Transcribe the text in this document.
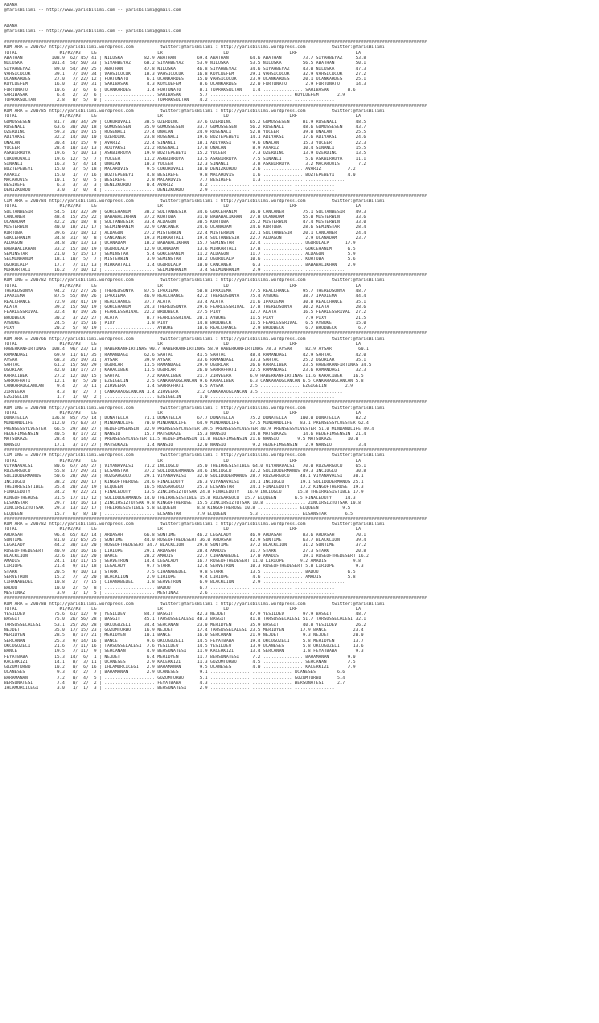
ADANA
@YarisBilimi -- http://www.yarisbilimi.com -- yarisbilimi@gmail.com
ADANA
@YarisBilimi -- http://www.yarisbilimi.com -- yarisbilimi@gmail.com
################################################################################################################################################################
KUM ARA = 200767 http://yarisbilimi.wordpress.com          twitter:@YarisBilimi : http://yarisbilimi.wordpress.com          twitter:@YarisBilimi
TOTAL                #1/#2/#3    LG                       LR                       LD                       LRF                      LA
ABATHAN           108.9  62/ 45/ 41 | NILUSKA        82.9 ABATHAN        69.4 ABATHAN        64.6 ABATHAN        73.7 SIYAHBEYAZ     53.8
NILUSKA           101.4  54/ 50/ 33 | SIYAHBEYAZ     68.2 SIYAHBEYAZ     53.9 NILUSKA        53.5 NILUSKA        56.5 ABATHAN        50.1
SIYAHBEYAZ         89.0  54/ 39/ 25 | ABATHAN        47.8 NILUSKA        46.8 SIYAHBEYAZ     34.6 SIYAHBEYAZ     43.0 NILUSKA        47.3
VAHSICOCUK         39.1   7/ 19/ 34 | VAHSICOCUK     18.3 VAHSICOCUK     16.8 KOYLUEFEM      29.1 VAHSICOCUK     32.9 VAHSICOCUK     27.2
UCANKARDES         27.0   7/ 22/ 12 | FURTUNATO       6.1 UCANKARDES     15.0 VAHSICOCUK     23.9 UCANKARDES     20.1 UCANKARDES     25.1
KOYLUEFEM          16.0   1/ 19/ 31 | SARIBASAK       4.3 KOYLUEFEM       8.6 UCANKARDES     22.0 FURTUNATO       2.9 FURTUNATO      14.3
FURTUNATO          10.6   3/  6/  6 | UCANKARDES      1.4 FURTUNATO       8.1 TOPRAKSULTAN    1.4 ............... SARIBASAK       8.6
SARIBASAK           6.4   2/  2/  6 | ................... SARIBASAK       5.7 ............... ............... KOYLUEFEM       2.9
TOPRAKSULTAN        2.8   0/  5/  0 | ................... TOPRAKSULTAN    4.2 ............... ............... ...............
################################################################################################################################################################
KUM ARA = 200785 http://yarisbilimi.wordpress.com          twitter:@YarisBilimi : http://yarisbilimi.wordpress.com          twitter:@YarisBilimi
TOTAL                #1/#2/#3    LG                       LR                       LD                       LRF                      LA
GUMUSSESEN         81.7  38/ 34/ 29 | CUKUROVALI     38.5 OZERDINC       37.6 OZERDINC       65.2 GUMUSSESEN     81.9 RUSENALI       48.5
RUSENALI           63.6  30/ 20/ 18 | GUMUSSESEN     35.9 GUMUSSESEN     33.7 GUMUSSESEN     56.2 RUSENALI       48.6 GUMUSSESEN     43.7
OZERDINC           59.3  26/ 19/ 15 | RUSENALI       27.4 UNALAN         24.9 RUSENALI       52.8 YUCEER         39.0 UNALAN         25.5
ADIYAKSI           32.2  14/ 10/ 10 | OZERDINC       23.8 RUSENALI       19.6 BOZTEPEBEYI    14.1 ADIYAKSI       17.6 ADIYAKSI       24.6
UNALAN             30.4  14/ 15/  9 | AVARIZ         22.4 SINANLI        18.1 ADIYAKSI        9.6 UNALAN         15.3 YUCEER         22.3
YUCEER             28.4  10/ 13/ 13 | ADIYAKSI       21.2 RUSENALI       17.8 UNALAN          8.9 AVARIZ         10.4 SINANLI        15.5
ASKBIRRUYA         19.6   5/ 10/ 13 | ASKBIRRUYA     19.9 BOZTEPEBEYI    15.2 YUCEER          7.3 OZERDINC       13.9 OZERDINC       13.5
CUKUROVALI         19.6  12/  5/  7 | YUCEER         11.2 ASKBIRRUYA     13.5 ASKBIRRUYA      7.5 SINANLI         5.6 ASKBIRRUYA     11.1
SINANLI            16.3   5/  4/ 14 | UNALAN         10.3 YUCEER         12.3 SINANLI         3.8 ASKBIRRUYA      3.2 MACAROVIS       7.2
BOZTEPEBEYI        15.0   3/  5/ 18 | MACAROVIS       9.5 CUKUROVALI     10.0 DENIZKURDU      2.6 ............... AVARIZ          7.2
AVARIZ             15.0   1/  7/ 16 | BOZTEPEBEYI     4.8 BESIREFE        9.8 MACAROVIS       1.6 ............... BOZTEPEBEYI     4.0
MACAROVIS          10.1   5/  0/  5 | BESIREFE        2.8 MACAROVIS       7.7 BESIREFE        1.3 ............... ...............
BESIREFE            6.3   3/  3/  3 | DENIZKURDU      0.4 AVARIZ          4.2 ............... ............... ...............
DENIZKURDU          3.0   1/  0/  4 | ................... DENIZKURDU      2.9 ............... ............... ...............
################################################################################################################################################################
CIM ARA = 200784 http://yarisbilimi.wordpress.com          twitter:@YarisBilimi : http://yarisbilimi.wordpress.com          twitter:@YarisBilimi
TOTAL                #1/#2/#3    LG                       LR                       LD                       LRF                      LA
SULTANBESIR        54.5  14/ 32/ 39 | GOKCEHANIM     38.2 SULTANBESIR    34.6 GOKCEHANIM     36.0 CANCANER       75.1 SULTANBESIR    49.3
CANCANER           48.4  15/ 25/ 22 | BABABALIKHAN   37.2 KURTOBA        31.0 BABABALIKHAN   27.8 UCANADAM       55.0 MISTERWIN      33.6
UCANADAM           42.2  26/ 18/  8 | SULTANBESIR    33.4 ALDAGON        30.5 KURTOBA        25.2 MISTERWIN      47.4 MISTERWIN      33.0
MISTERWIN          40.0  18/ 21/ 17 | SELMINHANIM    32.9 CANCANER       24.6 UCANADAM       24.6 KURTOBA        28.6 SEMINSTAR      28.4
KURTOBA            39.6  23/ 18/ 12 | ALDAGON        27.2 MISTERWIN      22.4 MISTERWIN      22.1 SULTANBESIR    20.1 CANCANER       24.4
GOKCEHANIM         34.8  31/  8/  8 | CANCANER       19.3 MIRKARTALI     19.4 SULTANBESIR    22.7 ALDAGON         2.9 UCANADAM       23.7
ALDAGON            34.8  20/ 13/ 13 | UCANADAM       18.2 BABABALIKHAN   15.7 SEMINSTAR      22.4 ............... UGURULALP      17.9
BABABALIKHAN       33.2  15/ 18/ 19 | UGURULALP      12.9 UCANADAM       13.6 MIRKARTALI     17.8 ............... GOKCEHANIM      6.5
SEMINSTAR          21.0   5/ 15/ 17 | SEMINSTAR       5.4 GOKCEHANIM     11.2 ALDAGON        11.7 ............... ALDAGON         5.9
SELMINHANIM        18.1  10/  5/  7 | MISTERWIN       3.9 SEMINSTAR      10.2 UGURULALP      10.6 ............... KURTOBA         5.6
UGURULALP          17.7   7/ 11/ 13 | MIRKARTALI      1.4 UGURULALP      10.0 CANCANER        6.3 ............... BABABALIKHAN    2.9
MIRKARTALI         16.2   7/ 10/ 12 | ................... SELMINHANIM     3.4 SELMINHANIM     2.9 ............... ...............
################################################################################################################################################################
KUM ING = 200782 http://yarisbilimi.wordpress.com          twitter:@YarisBilimi : http://yarisbilimi.wordpress.com          twitter:@YarisBilimi
TOTAL                #1/#2/#3    LG                       LR                       LD                       LRF                      LA
THEREDSONYA        94.2  72/ 27/ 26 | THEREDSONYA    87.5 IPAXIEMA       50.8 IPAXIEMA       77.5 REALCHANCE     95.7 THEREDSONYA    48.7
IPAXIEMA           87.5  55/ 49/ 26 | IPAXIEMA       46.9 REALCHANCE     42.2 THEREDSONYA    75.4 AYBUKE         38.7 IPAXIEMA       44.4
REALCHANCE         72.9  34/ 41/ 19 | REALCHANCE     37.7 ALATA          33.4 ALATA          21.6 IPAXIEMA       30.8 REALCHANCE     35.1
ALATA              39.2  15/ 50/ 19 | GOKCEHANIM     24.3 THEREDSONYA    29.6 FEARLESSRIVAL  17.8 THEREDSONYA    30.2 ALATA          28.6
FEARLESSRIVAL      32.4   8/ 19/ 26 | FEARLESSRIVAL  22.2 BRODBECK       27.5 PIXY           12.7 ALATA          16.5 FEARLESSRIVAL  27.2
BRODBECK           30.2   3/ 22/ 27 | ALATA           8.7 FEARLESSRIVAL  20.1 AYBUKE         11.5 PIXY            7.9 PIXY           21.5
AYBUKE             24.5   3/ 15/ 16 | PIXY            1.8 PIXY           14.8 BRODBECK       11.5 FEARLESSRIVAL   6.5 AYBUKE         15.0
PIXY               20.2   5/  8/ 19 | ................... AYBUKE         10.6 REALCHANCE      2.9 BRODBECK        6.7 BRODBECK        6.7
################################################################################################################################################################
KUM ARA = 200766 http://yarisbilimi.wordpress.com          twitter:@YarisBilimi : http://yarisbilimi.wordpress.com          twitter:@YarisBilimi
TOTAL                #1/#2/#3    LG                       LR                       LD                       LRF                      LA
HABERKANFIRTINAS  108.4  96/ 23/ 13 | HABERKANFIRTINAS 90.7 HABERKANFIRTINAS 58.9 HABERKANFIRTINAS 78.3 AYSAR     82.9 AYSAR          60.1
RAMANDAGI          69.9  11/ 61/ 35 | RAMANDAGI      62.6 SAHTAC         41.5 SAHTAC         48.4 RAMANDAGI      42.9 SAHTAC         42.0
AYSAR              68.3  35/ 19/ 31 | AYSAR          39.9 AYSAR          33.6 RAMANDAGI      33.3 SAHTAC         25.2 UGURLAR        35.1
SAHTAC             61.2  15/ 50/ 29 | UGURLAR        11.5 RAMANDAGI      29.9 UGURLAR        26.6 KARACIBEK      23.5 HABERKANFIRTINAS 34.5
UGURLAR            42.0  18/ 17/ 27 | KARACIBEK      11.5 UGURLAR        26.0 SARRAFHATI     22.5 RAMANDAGI      23.6 RAMANDAGI      32.3
KARACIBEK          27.2  12/ 10/ 15 | SAHTAC          7.2 KARACIBEK      21.7 ZIRVEERA       6.9 HABERKANFIRTINAS 11.6 KARACIBEK    16.5
SARRAFHATI         12.1   0/  5/ 20 | EZGIGELIN       2.5 CANKARAOGLANCAN 9.6 KARACIBEK      6.3 CANKARAOGLANCAN 6.5 CANKARAOGLANCAN 5.8
CANKARAOGLANCAN     9.4   2/  3/ 11 | ZIRVEERA        1.4 SARRAFHATI      6.5 AYSAR          2.5 ............... EZGIGELIN       2.9
ZIRVEERA            4.3   0/  2/  7 | CANKARAOGLANCAN 1.4 ZIRVEERA       2.2 CANKARAOGLANCAN 3.5 ............... ...............
EZGIGELIN           1.7   1/  0/  2 | ................... EZGIGELIN       1.0 ............... ............... ...............
################################################################################################################################################################
KUM ING = 200780 http://yarisbilimi.wordpress.com          twitter:@YarisBilimi : http://yarisbilimi.wordpress.com          twitter:@YarisBilimi
TOTAL                #1/#2/#3    LG                       LR                       LD                       LRF                      LA
DONATELLA         136.8  85/ 75/ 14 | DONATELLA      71.1 DONATELLA      67.7 DONATELLA      75.2 DONATELLA     100.0 DONATELLA      82.2
MINDANDLIFE       112.0  75/ 63/ 37 | MINDANDLIFE    70.0 MINDANDLIFE    64.9 MINDANDLIFE    57.5 MINDANDLIFE   83.1 PRENSESSYLVESTER 62.4
PRENSESSYLVESTER   66.5  29/ 38/ 27 | HEDEFIMSENSIN  32.9 PRENSESSYLVESTER 39.5 PRENSESSYLVESTER 40.9 PRENSESSYLVESTER 51.0 MINDANDLIFE 49.4
HEDEFIMSENSIN      40.5   8/ 17/ 22 | NANSIO         15.7 MATSUKAZE      15.3 NANSIO         24.8 MATSUKAZE      14.6 HEDEFIMSENSIN  21.4
MATSUKAZE          28.4   4/ 14/ 32 | PRENSESSYLVESTER 11.5 HEDEFIMSENSIN 11.8 HEDEFIMSENSIN 21.6 NANSIO       9.5 MATSUKAZE      10.0
NANSIO             17.1   3/ 17/ 27 | MATSUKAZE       1.4 NANSIO         12.0 NANSIO          9.2 HEDEFIMSENSIN   2.9 NANSIO          3.4
################################################################################################################################################################
CIM ING = 200779 http://yarisbilimi.wordpress.com          twitter:@YarisBilimi : http://yarisbilimi.wordpress.com          twitter:@YarisBilimi
TOTAL                #1/#2/#3    LG                       LR                       LD                       LRF                      LA
VIYANAVALSI        80.6  67/ 24/ 27 | VIYANAVALSI    71.2 INCIOGLU       35.0 THEIRRESISTIBLE 64.0 VIYANAVALSI   70.0 RUZGARGUCU     65.1
RUZGARGUCU         55.8  17/ 29/ 31 | ELSANSTAR      37.2 SOLIDODERMANOS 34.6 INCIOGLU       32.2 SOLIDODERMANOS 49.3 INCIOGLU       30.8
SOLIDODERMANOS     50.6  28/ 20/ 23 | RUZGARGUCU     29.1 VIYANAVALSI    32.0 SOLIDODERMANOS 28.7 RUZGARGUCU    48.1 VIYANAVALSI    30.1
INCIOGLU           38.2  24/ 20/ 17 | KINGOFTHEROSE  24.6 FINALEDUTY     26.3 VIYANAVALSI    24.1 INCIOGLU      19.1 SOLIDODERMANOS 25.1
THEIRRESISTIBLE    35.4  20/ 23/ 19 | ELQUEEN        16.5 RUZGARGUCU     25.3 ELSANSTAR      24.1 FINALEDUTY    17.2 KINGOFTHEROSE  19.3
FINALEDUTY         34.2   9/ 22/ 21 | FINALEDUTY     13.5 ZINCIRSIZTUTSAK 24.8 FINALEDUTY   16.9 INCIOGLU      15.8 THEIRRESISTIBLE 17.9
KINGOFTHEROSE      31.5  17/ 11/ 12 | SOLIDODERMANOS 14.0 THEIRRESISTIBLE 15.8 RUZGARGUCU  15.7 ELQUEEN       6.5 FINALEDUTY     14.3
ELSANSTAR          29.7  14/ 16/ 13 | ZINCIRSIZTUTSAK 9.8 KINGOFTHEROSE  15.5 ZINCIRSIZTUTSAK 10.8 ............... ZINCIRSIZTUTSAK 10.8
ZINCIRSIZTUTSAK    29.3  13/ 12/ 17 | THEIRRESISTIBLE 5.8 ELQUEEN        8.8 KINGOFTHEROSE 10.8 ............... ELQUEEN         9.5
ELQUEEN            15.7   6/  8/ 10 | ................... ELSANSTAR      7.9 ELQUEEN         5.3 ............... ELSANSTAR       6.5
################################################################################################################################################################
KUM ARA = 200782 http://yarisbilimi.wordpress.com          twitter:@YarisBilimi : http://yarisbilimi.wordpress.com          twitter:@YarisBilimi
TOTAL                #1/#2/#3    LG                       LR                       LD                       LRF                      LA
ARDASAH            96.4  65/ 42/ 14 | ARDASAH        66.8 SUNTIME        46.2 LEGALADY       46.9 ARDASAH        83.6 ARDASAH        70.1
SUNTIME            81.0  21/ 65/ 25 | SUNTIME        44.0 ROSEOFTHEDESERT 36.0 ARDASAH       42.9 SUNTIME        63.7 BLACKLION      39.4
LEGALADY           44.2  30/ 13/ 20 | ROSEOFTHEDESERT 34.7 BLACKLION     29.8 SUNTIME        37.2 BLACKLION      31.2 SUNTIME        37.2
ROSEOFTHEDESERT    40.9  24/ 16/ 16 | LIRIOPE        29.1 ARDASAH        28.4 AMADIS         31.7 STARK          27.3 STARK          20.8
BLACKLION          32.6  16/ 12/ 20 | BARCE          28.2 AMADIS         22.7 CIHANABEDEL    17.0 AMADIS         19.1 ROSEOFTHEDESERT 16.2
AMADIS             24.1  14/ 11/ 15 | SERVETRON      14.4 LEGALADY       16.7 ROSEOFTHEDESERT 11.0 LIRIOPE      9.2 AMADIS          9.8
LIRIOPE            21.4   9/ 11/ 18 | LEGALADY        9.7 STARK          12.4 SERVETRON      10.3 ROSEOFTHEDESERT 5.8 LIRIOPE        9.3
STARK              20.5   9/ 10/ 13 | STARK           7.5 CIHANABEDEL     9.8 STARK          13.5 ............... BADUU           6.5
SERVETRON          15.2   7/  2/ 20 | BLACKLION       2.9 LIRIOPE         9.4 LIRIOPE         4.6 ............... AMADIS          5.8
CIHANABEDEL        10.8   2/  7/ 15 | CIHANABEDEL     1.8 SERVETRON       6.9 BLACKLION       2.9 ............... ...............
BADUU              10.0   2/  5/  8 | ................... BADUU           6.7 ............... ............... ...............
MESTINAZ            3.9   1/  1/  5 | ................... MESTINAZ        2.6 ............... ............... ...............
################################################################################################################################################################
KUM ARA = 200780 http://yarisbilimi.wordpress.com          twitter:@YarisBilimi : http://yarisbilimi.wordpress.com          twitter:@YarisBilimi
TOTAL                #1/#2/#3    LG                       LR                       LD                       LRF                      LA
YESILDEV           75.6  61/ 12/  9 | YESILDEV       84.7 BASGIT         42.3 NEJDET         47.9 YESILDEV       97.9 BASGIT         48.7
BASGIT             75.0  26/ 56/ 28 | BASGIT         45.1 TARSUSSELALESI 40.3 BASGIT         41.8 TARSUSSELALESI 51.7 TARSUSSELALESI 32.1
TARSUSSELALESI     53.1  25/ 26/ 28 | OKCUGUZELI     34.4 SERCANAN       23.0 MERIDYEN       35.9 BASGIT         40.8 YESILDEV       26.2
NEJDET             35.0  17/ 15/ 23 | GOZUMTURBO     16.9 NEJDET         17.4 TARSUSSELALESI 23.5 MERIDYEN      17.9 BANCE          23.4
MERIDYEN           28.5   8/ 17/ 21 | MERIDYEN       10.1 BANCE          16.0 SERCANAN       21.9 NEJDET         9.3 NEJDET         20.0
SERCANAN           25.3   9/ 14/ 16 | BANCE           9.6 OKCUGUZELI     14.5 FEYATBABA      19.4 OKCUGUZELI     5.8 MERIDYEN       13.7
OKCUGUZELI         21.6   7/ 11/ 16 | TARSUSSELALESI  7.6 YESILDEV       14.5 YESILDEV       13.9 UCANESES       5.8 OKCUGUZELI     13.6
BANCE              19.5   7/ 11/  9 | SERCANAN        4.9 BERSUNATESI    11.9 KACERKIZI      13.4 SERCANAN       1.8 FEYATBABA       9.3
FEYATBABA          15.3  14/  6/  1 | NEJDET          6.4 MERIDYEN       11.7 BERSUNATESI     7.2 ............... BARAMANAN       9.0
KACERKIZI          14.1   8/  3/ 11 | UCANESES        2.9 KACERKIZI      11.3 GOZUMTURBO      4.5 ............... SERCANAN        7.5
GOZUMTURBO         10.2   0/  6/ 16 | IHLAMURCICEGI   2.9 BARAMANAN       9.5 UCANESES        4.0 ............... KACERKIZI       7.9
UCANESES            9.3   4/  2/  7 | BARAMANAN       2.9 UCANESES        9.1 ............... ............... UCANESES        6.6
BARAMANAN           7.2   0/  4/  5 | ................... GOZUMTURBO      5.1 ............... ............... GOZUMTURBO      5.4
BERSUNATESI         7.4   0/  2/  2 | ................... FEYATBABA       4.3 ............... ............... BERSUNATESI     2.7
IHLAMURCICEGI       3.0   1/  1/  3 | ................... BERSUNATESI     2.9 ............... ............... ...............
